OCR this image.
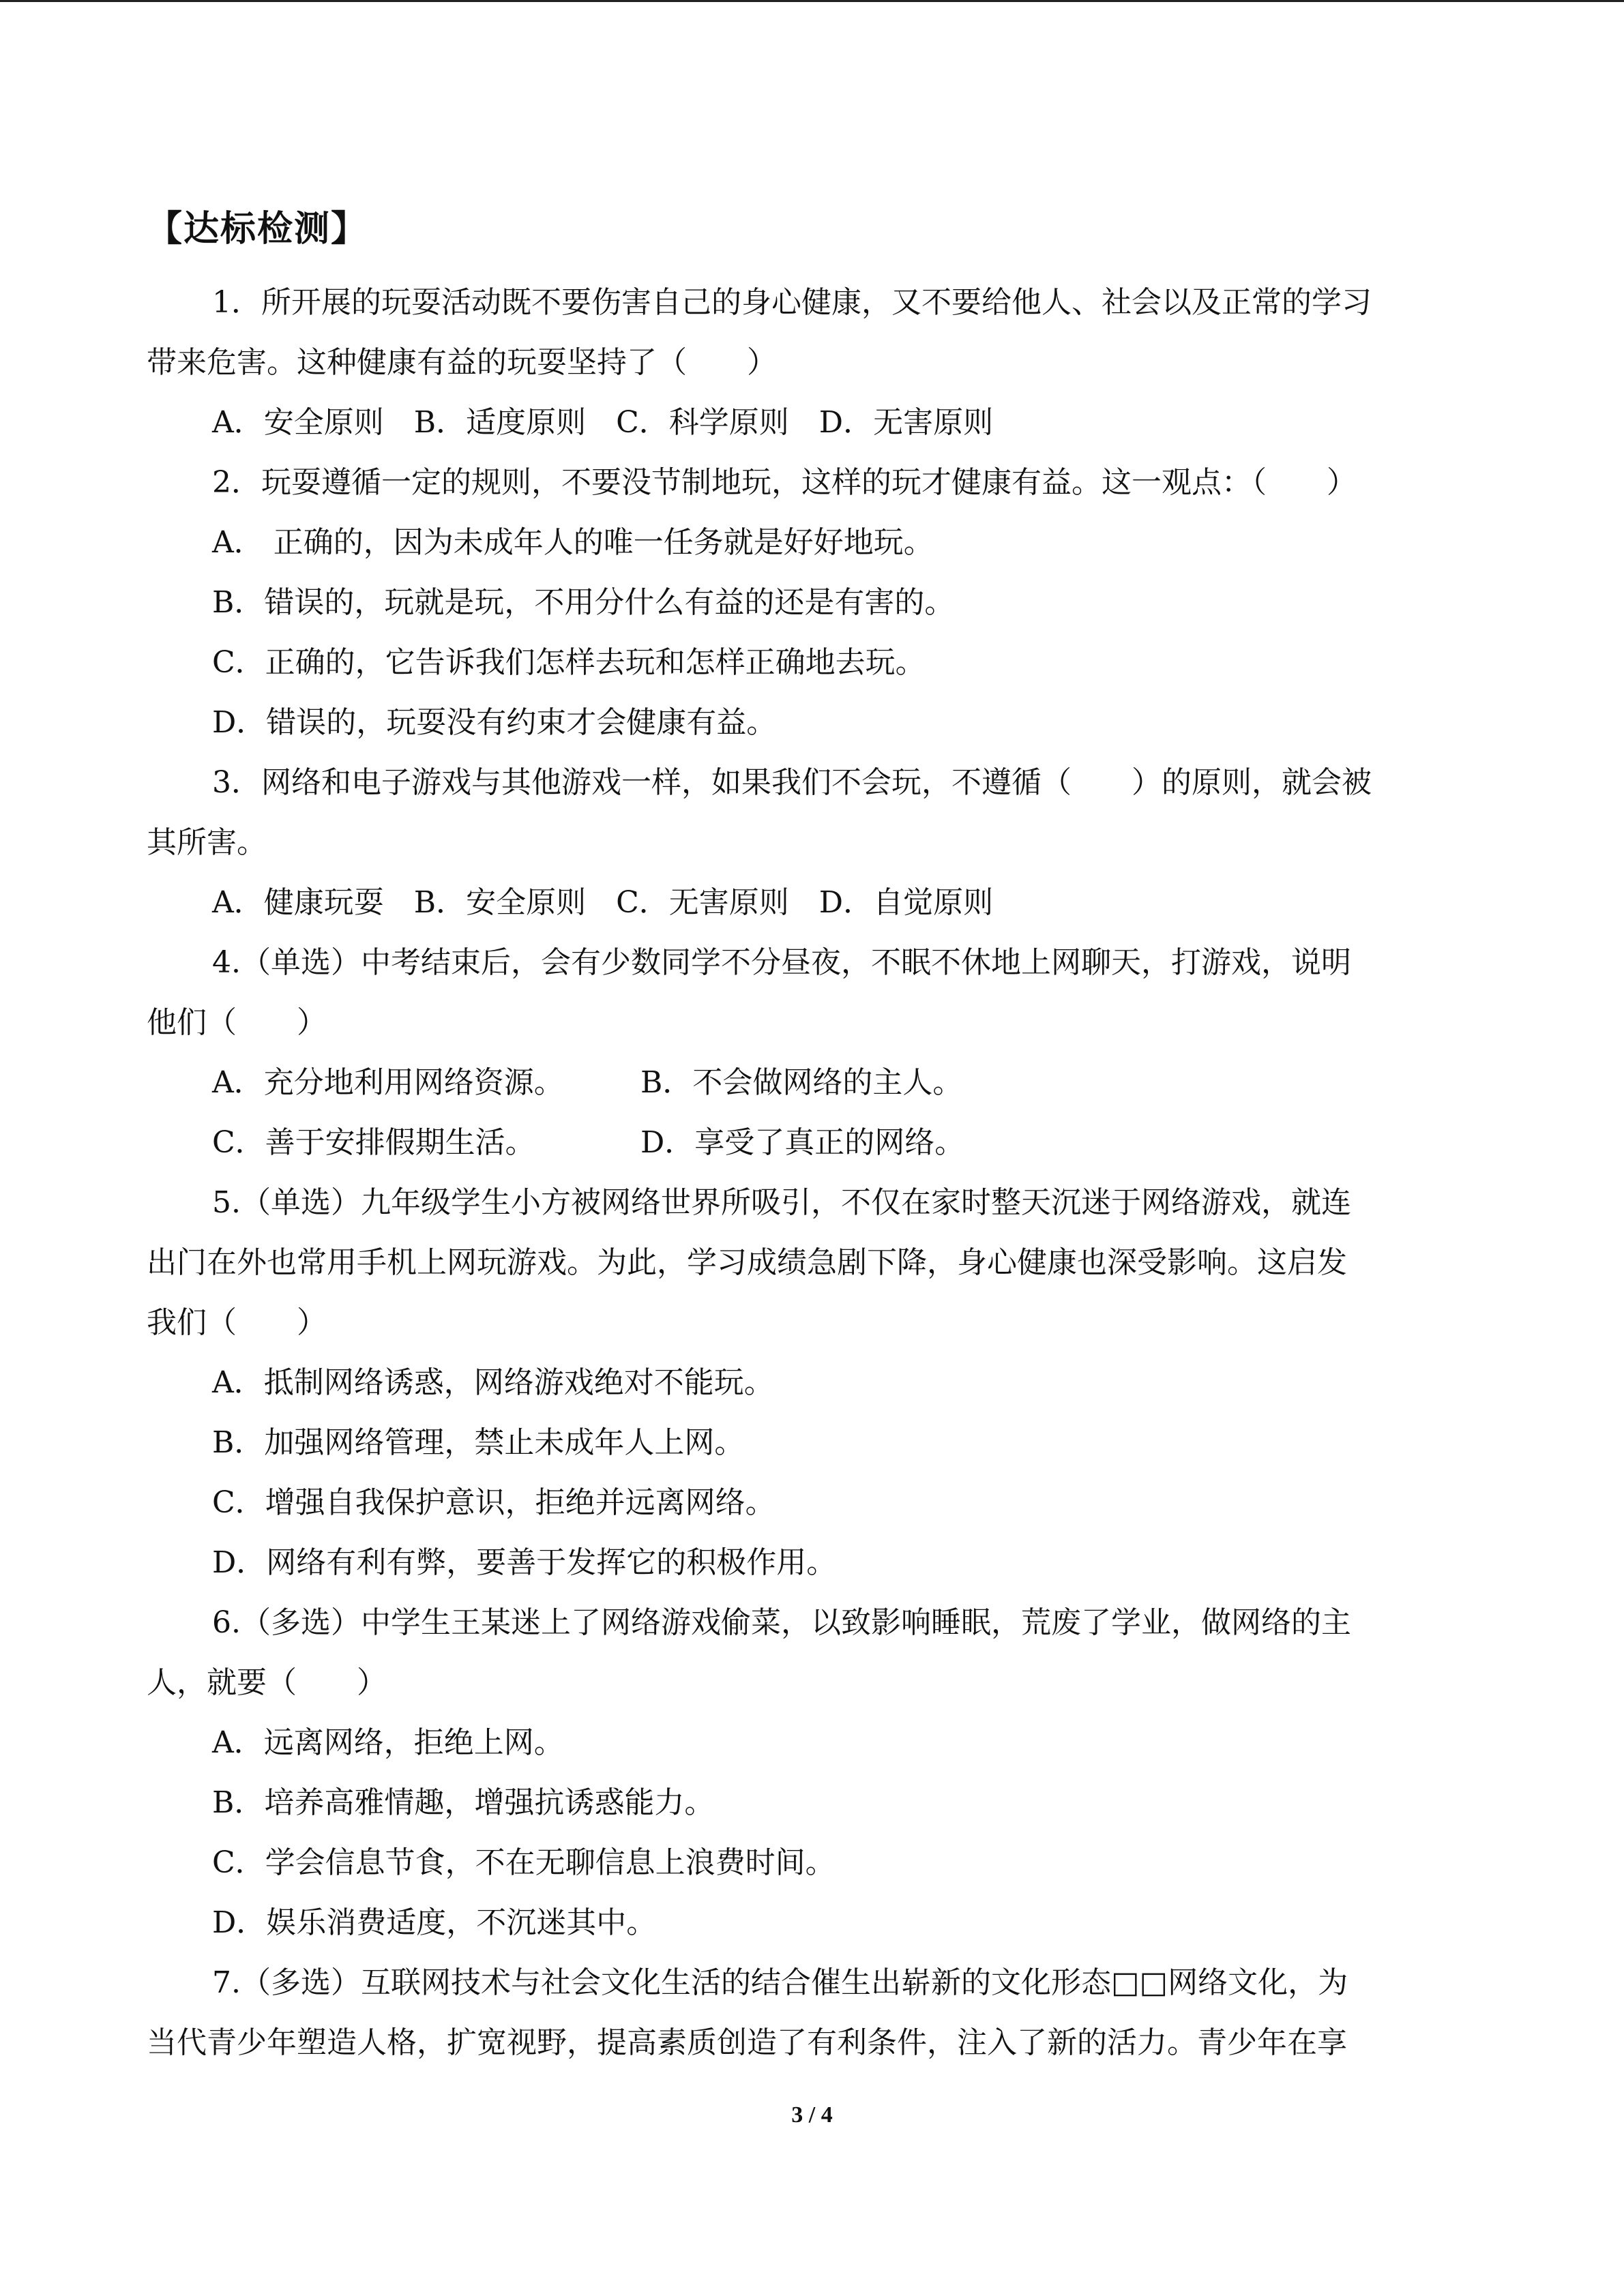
【达标检测】
1．所开展的玩耍活动既不要伤害自己的身心健康，又不要给他人、社会以及正常的学习
带来危害。这种健康有益的玩耍坚持了（　　）
A．安全原则 B．适度原则 C．科学原则 D．无害原则
2．玩耍遵循一定的规则，不要没节制地玩，这样的玩才健康有益。这一观点：（　　）
A． 正确的，因为未成年人的唯一任务就是好好地玩。
B．错误的，玩就是玩，不用分什么有益的还是有害的。
C．正确的，它告诉我们怎样去玩和怎样正确地去玩。
D．错误的，玩耍没有约束才会健康有益。
3．网络和电子游戏与其他游戏一样，如果我们不会玩，不遵循（　　）的原则，就会被
其所害。
A．健康玩耍 B．安全原则 C．无害原则 D．自觉原则
4.（单选）中考结束后，会有少数同学不分昼夜，不眠不休地上网聊天，打游戏，说明
他们（　　）
A．充分地利用网络资源。	B．不会做网络的主人。
C．善于安排假期生活。	D．享受了真正的网络。
5.（单选）九年级学生小方被网络世界所吸引，不仅在家时整天沉迷于网络游戏，就连
出门在外也常用手机上网玩游戏。为此，学习成绩急剧下降，身心健康也深受影响。这启发
我们（　　）
A．抵制网络诱惑，网络游戏绝对不能玩。
B．加强网络管理，禁止未成年人上网。
C．增强自我保护意识，拒绝并远离网络。
D．网络有利有弊，要善于发挥它的积极作用。
6.（多选）中学生王某迷上了网络游戏偷菜，以致影响睡眠，荒废了学业，做网络的主
人，就要（　　）
A．远离网络，拒绝上网。
B．培养高雅情趣，增强抗诱惑能力。
C．学会信息节食，不在无聊信息上浪费时间。
D．娱乐消费适度，不沉迷其中。
7.（多选）互联网技术与社会文化生活的结合催生出崭新的文化形态□□网络文化，为
当代青少年塑造人格，扩宽视野，提高素质创造了有利条件，注入了新的活力。青少年在享
3 / 4
